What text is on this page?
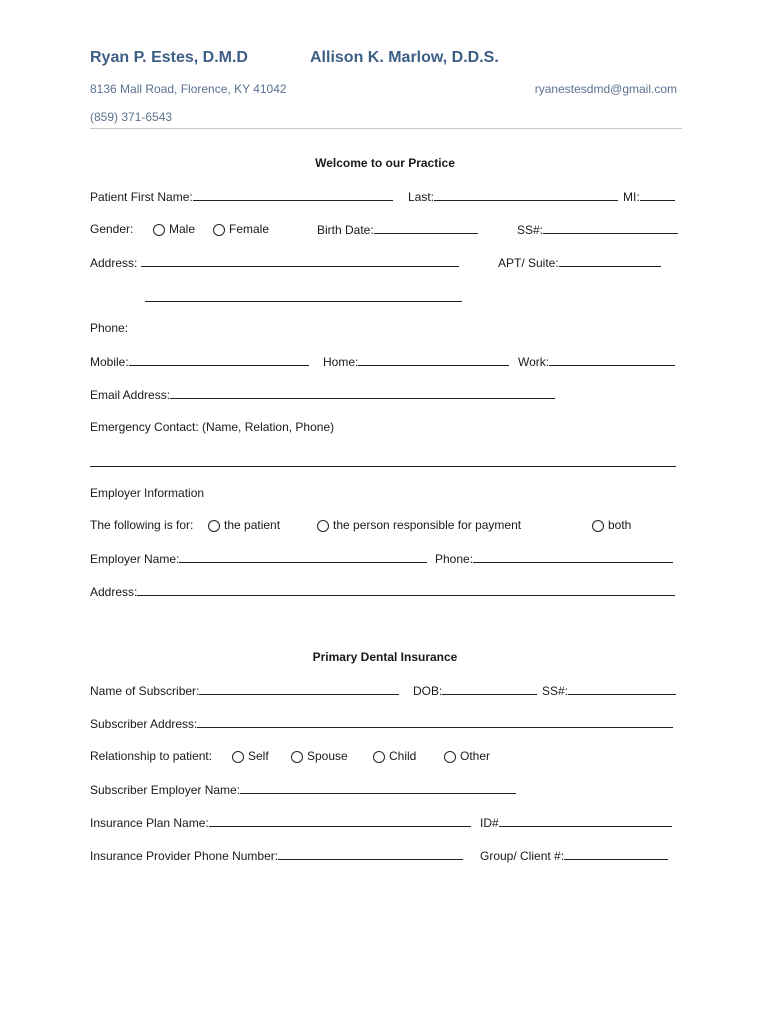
Ryan P. Estes, D.M.D	Allison K. Marlow, D.D.S.
8136 Mall Road, Florence, KY 41042	ryanestesdmd@gmail.com
(859) 371-6543
Welcome to our Practice
Patient First Name:	Last:	MI:
Gender:	Male	Female	Birth Date:	SS#:
Address:	APT/ Suite:
Phone:
Mobile:	Home:	Work:
Email Address:
Emergency Contact: (Name, Relation, Phone)
Employer Information
The following is for:	the patient	the person responsible for payment	both
Employer Name:	Phone:
Address:
Primary Dental Insurance
Name of Subscriber:	DOB:	SS#:
Subscriber Address:
Relationship to patient:	Self	Spouse	Child	Other
Subscriber Employer Name:
Insurance Plan Name:	ID#
Insurance Provider Phone Number:	Group/ Client #:
